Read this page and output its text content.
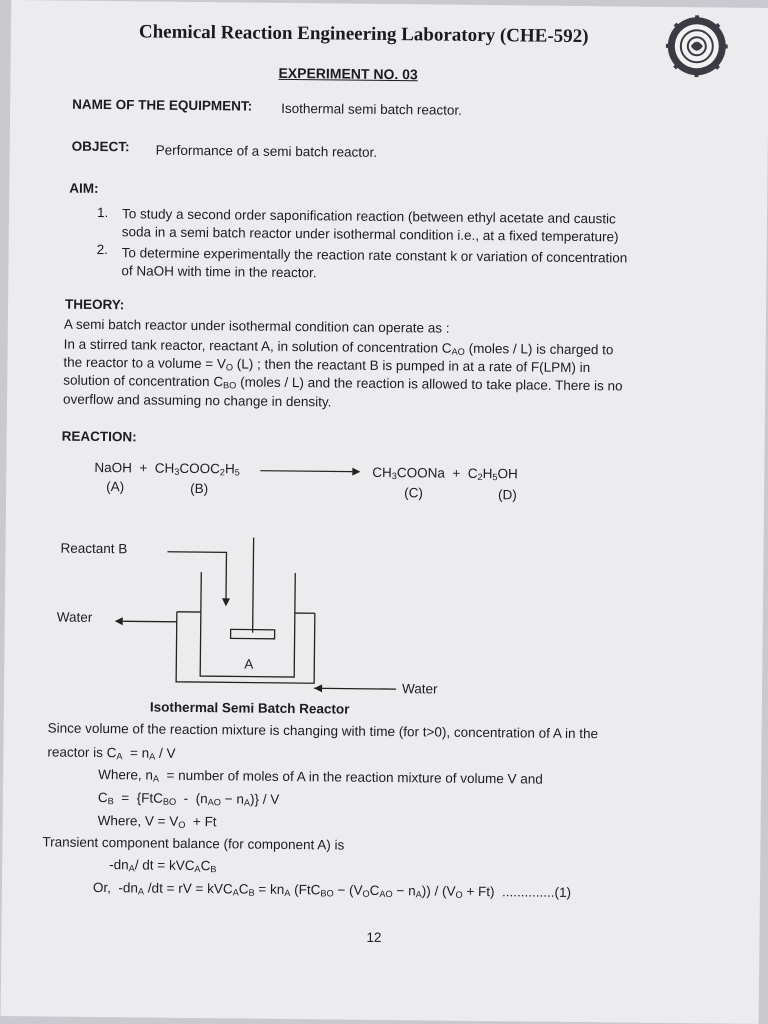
Chemical Reaction Engineering Laboratory (CHE-592)
EXPERIMENT NO. 03
NAME OF THE EQUIPMENT: Isothermal semi batch reactor.
OBJECT: Performance of a semi batch reactor.
AIM:
1. To study a second order saponification reaction (between ethyl acetate and caustic
soda in a semi batch reactor under isothermal condition i.e., at a fixed temperature)
2. To determine experimentally the reaction rate constant k or variation of concentration
of NaOH with time in the reactor.
THEORY:
A semi batch reactor under isothermal condition can operate as :
In a stirred tank reactor, reactant A, in solution of concentration $C_{AO}$ (moles / L) is charged to
the reactor to a volume = $V_O$ (L) ; then the reactant B is pumped in at a rate of F(LPM) in
solution of concentration $C_{BO}$ (moles / L) and the reaction is allowed to take place. There is no
overflow and assuming no change in density.
REACTION:
NaOH  +  $CH_3COOC_2H_5$	$CH_3COONa + C_2H_5OH$
(A)	(B)	(C)	(D)
Reactant B
Water
Water
A
Isothermal Semi Batch Reactor
Since volume of the reaction mixture is changing with time (for t>0), concentration of A in the
reactor is $C_A = n_A / V$
Where, $n_A$  = number of moles of A in the reaction mixture of volume V and
$C_B = \{FtC_{BO} - (n_{AO} - n_A)\} / V$
Where, $V = V_O + Ft$
Transient component balance (for component A) is
$-dn_A/$ dt = $kVC_AC_B$
Or,  $-dn_A$ /dt = rV = $kVC_AC_B = kn_A$ $(FtC_{BO} - (V_OC_{AO} - n_A)) / (V_O + Ft)$  ..............(1)
12
